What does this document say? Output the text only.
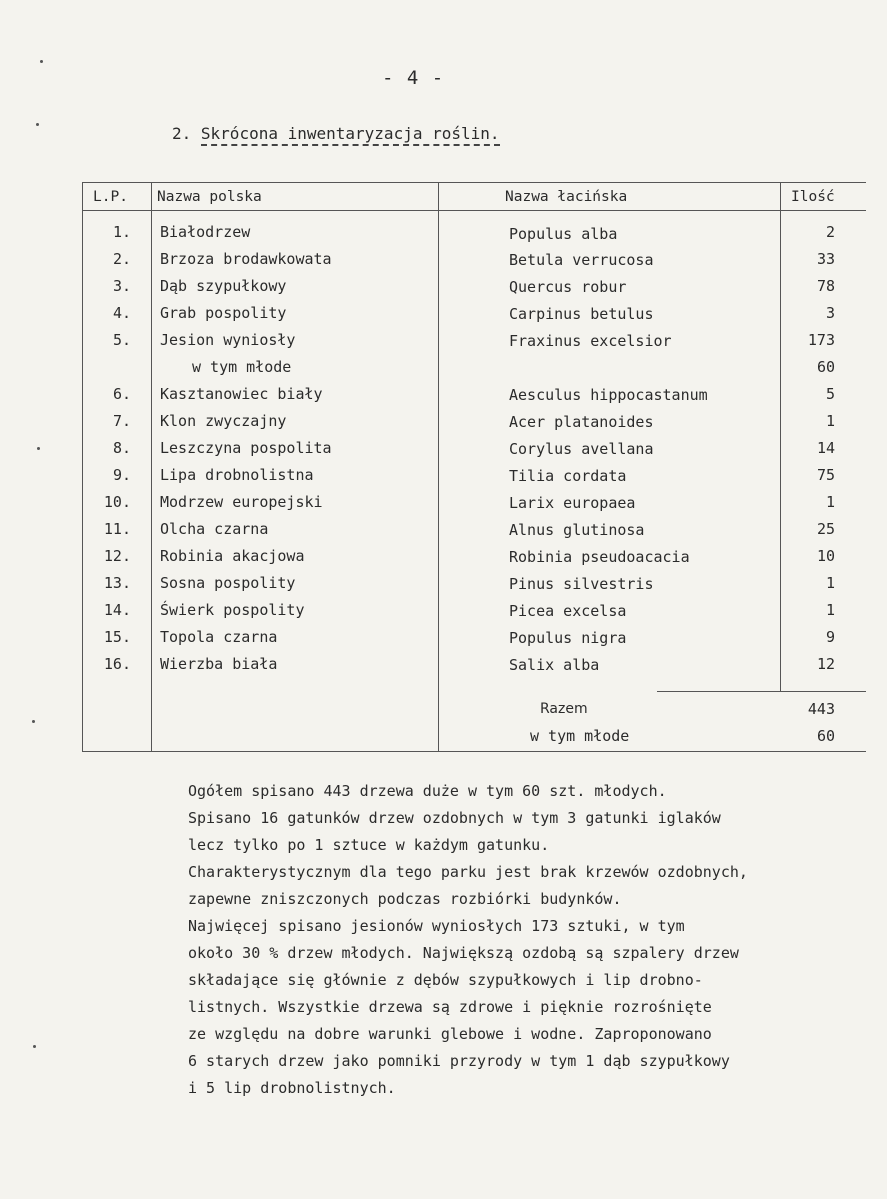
- 4 -
2. Skrócona inwentaryzacja roślin.
L.P. Nazwa polska	Nazwa łacińska	Ilość
1. Białodrzew	Populus alba	2
2. Brzoza brodawkowata	Betula verrucosa	33
3. Dąb szypułkowy	Quercus robur	78
4. Grab pospolity	Carpinus betulus	3
5. Jesion wyniosły	Fraxinus excelsior	173
w tym młode	60
6. Kasztanowiec biały	Aesculus hippocastanum	5
7. Klon zwyczajny	Acer platanoides	1
8. Leszczyna pospolita	Corylus avellana	14
9. Lipa drobnolistna	Tilia cordata	75
10. Modrzew europejski	Larix europaea	1
11. Olcha czarna	Alnus glutinosa	25
12. Robinia akacjowa	Robinia pseudoacacia	10
13. Sosna pospolity	Pinus silvestris	1
14. Świerk pospolity	Picea excelsa	1
15. Topola czarna	Populus nigra	9
16. Wierzba biała	Salix alba	12
Razem	443
w tym młode	60
Ogółem spisano 443 drzewa duże w tym 60 szt. młodych.
Spisano 16 gatunków drzew ozdobnych w tym 3 gatunki iglaków
lecz tylko po 1 sztuce w każdym gatunku.
Charakterystycznym dla tego parku jest brak krzewów ozdobnych,
zapewne zniszczonych podczas rozbiórki budynków.
Najwięcej spisano jesionów wyniosłych 173 sztuki, w tym
około 30 % drzew młodych. Największą ozdobą są szpalery drzew
składające się głównie z dębów szypułkowych i lip drobno-
listnych. Wszystkie drzewa są zdrowe i pięknie rozrośnięte
ze względu na dobre warunki glebowe i wodne. Zaproponowano
6 starych drzew jako pomniki przyrody w tym 1 dąb szypułkowy
i 5 lip drobnolistnych.
